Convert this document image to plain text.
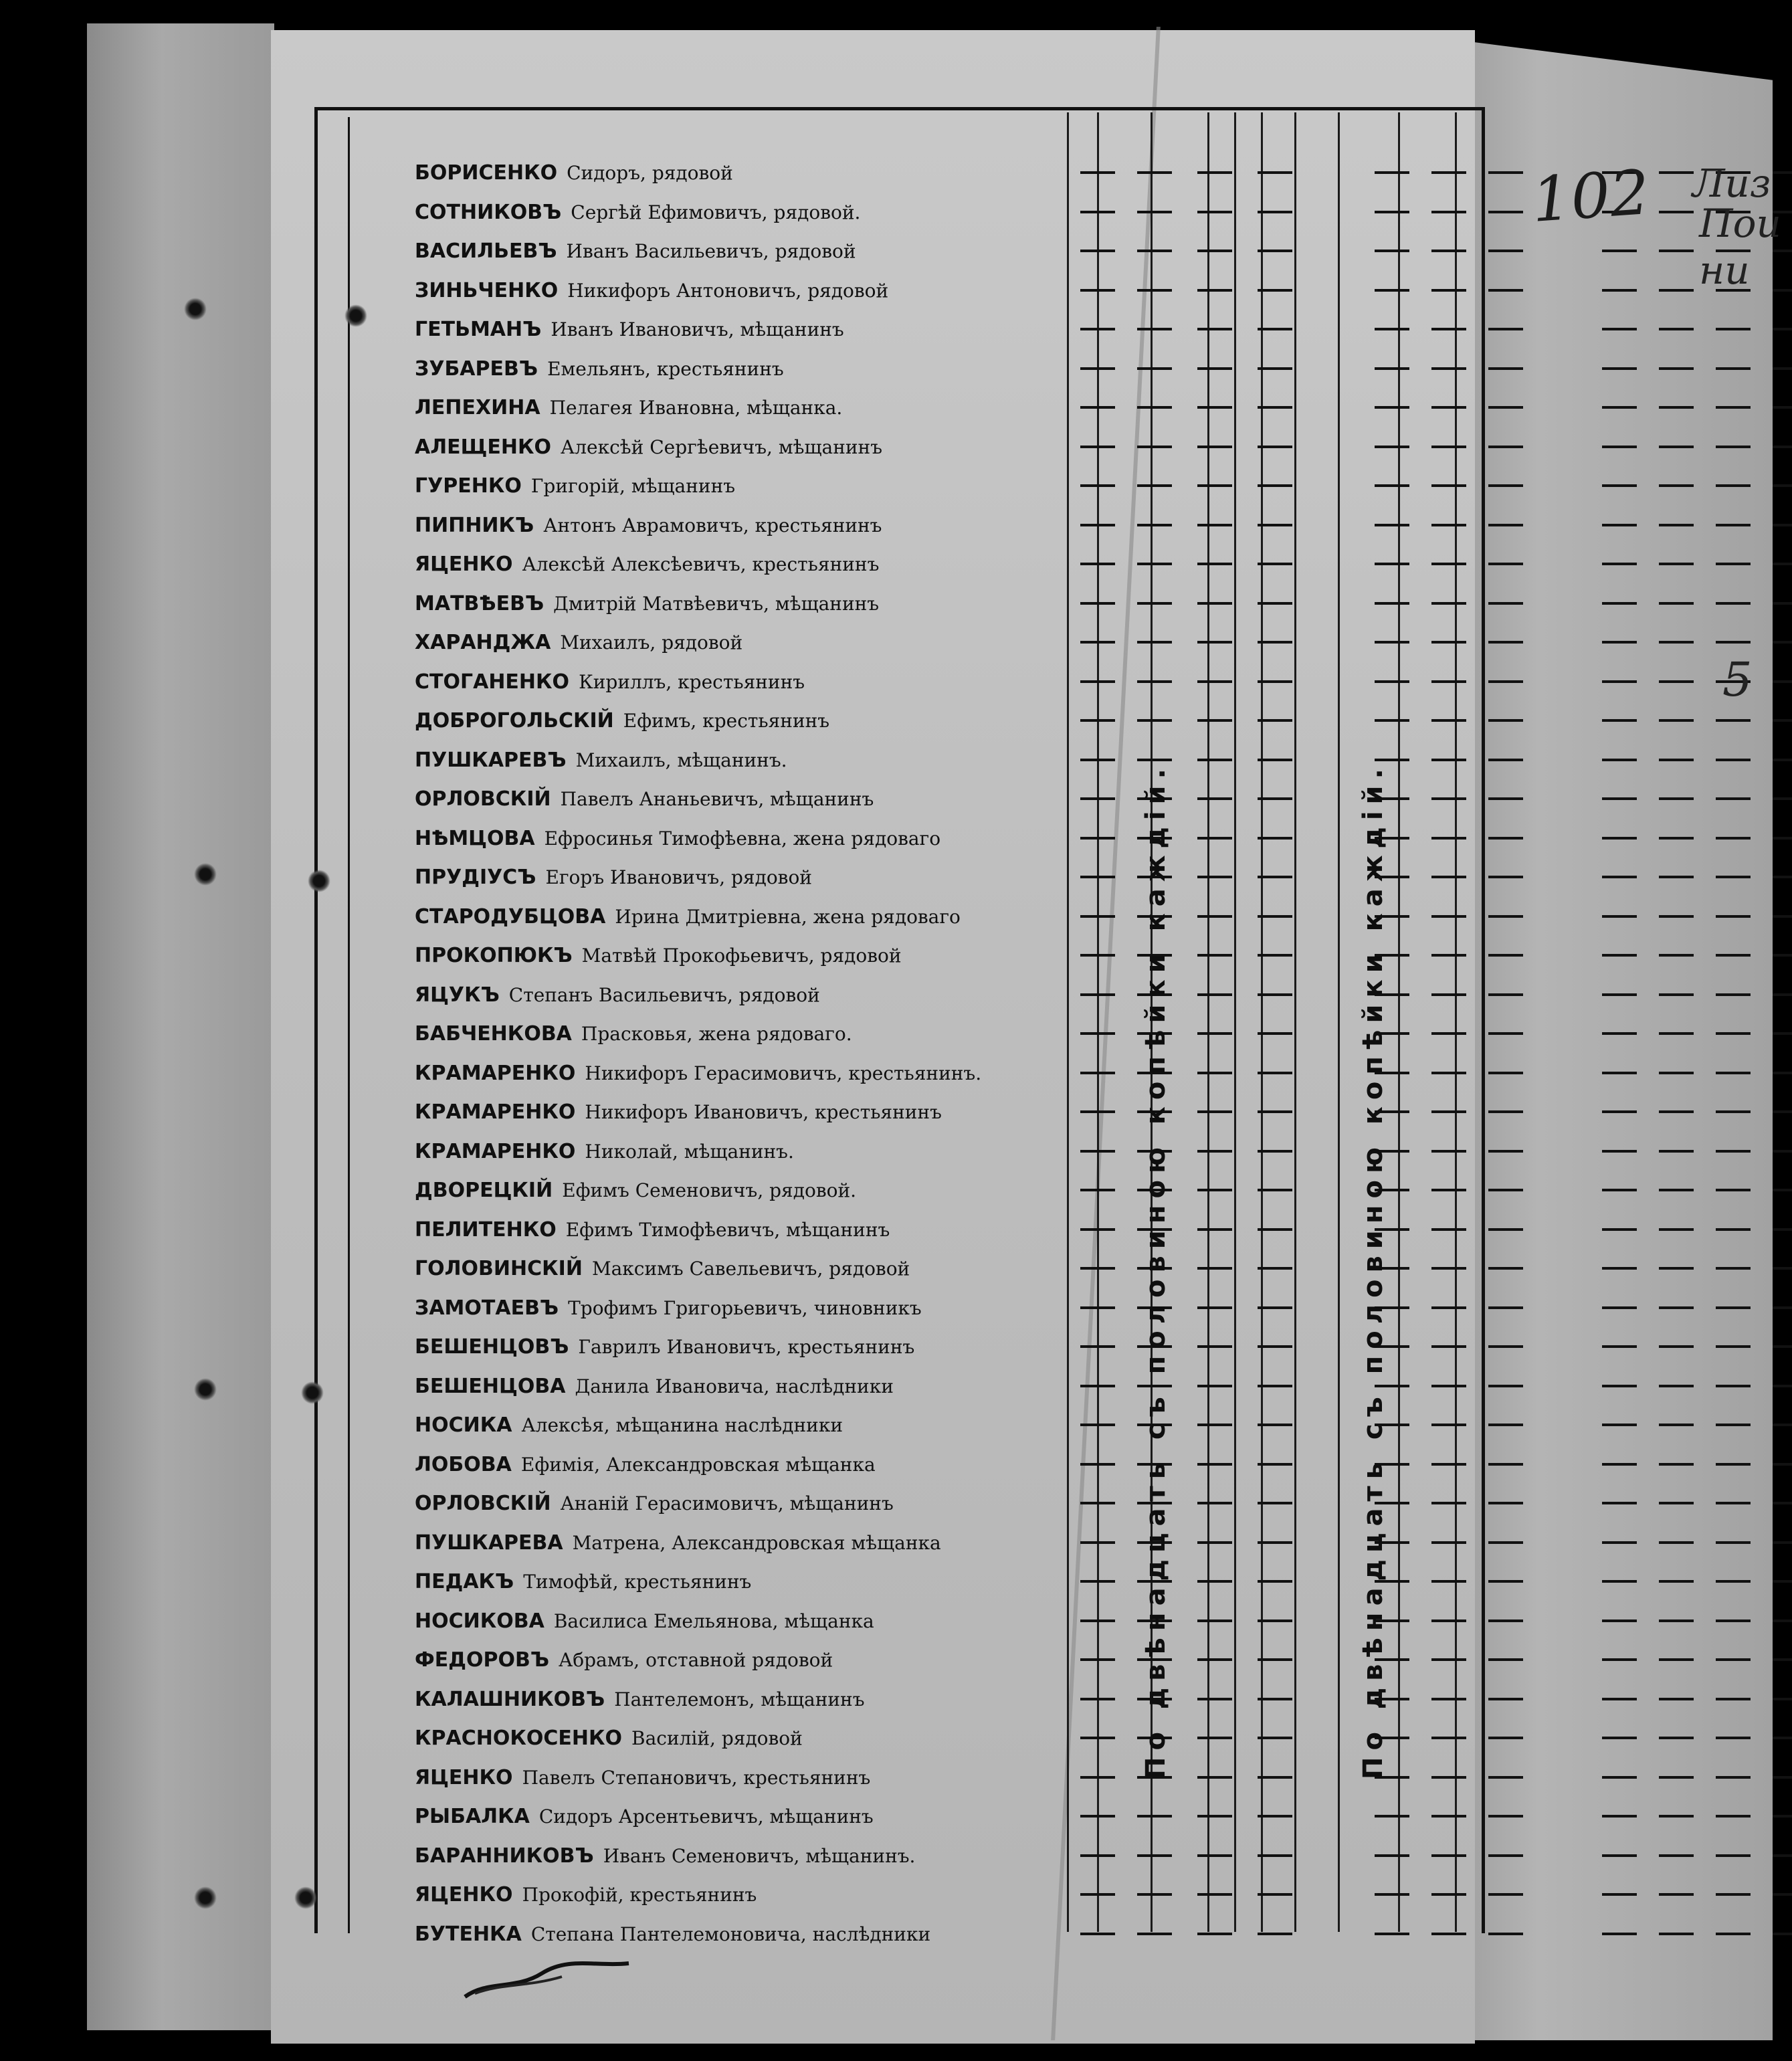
БОРИСЕНКО Сидоръ, рядовой
СОТНИКОВЪ Сергѣй Ефимовичъ, рядовой.
ВАСИЛЬЕВЪ Иванъ Васильевичъ, рядовой
ЗИНЬЧЕНКО Никифоръ Антоновичъ, рядовой
ГЕТЬМАНЪ Иванъ Ивановичъ, мѣщанинъ
ЗУБАРЕВЪ Емельянъ, крестьянинъ
ЛЕПЕХИНА Пелагея Ивановна, мѣщанка.
АЛЕЩЕНКО Алексѣй Сергѣевичъ, мѣщанинъ
ГУРЕНКО Григорій, мѣщанинъ
ПИПНИКЪ Антонъ Аврамовичъ, крестьянинъ
ЯЦЕНКО Алексѣй Алексѣевичъ, крестьянинъ
МАТВѢЕВЪ Дмитрій Матвѣевичъ, мѣщанинъ
ХАРАНДЖА Михаилъ, рядовой
СТОГАНЕНКО Кириллъ, крестьянинъ
ДОБРОГОЛЬСКІЙ Ефимъ, крестьянинъ
ПУШКАРЕВЪ Михаилъ, мѣщанинъ.
ОРЛОВСКІЙ Павелъ Ананьевичъ, мѣщанинъ
НѢМЦОВА Ефросинья Тимофѣевна, жена рядоваго
ПРУДІУСЪ Егоръ Ивановичъ, рядовой
СТАРОДУБЦОВА Ирина Дмитріевна, жена рядоваго
ПРОКОПЮКЪ Матвѣй Прокофьевичъ, рядовой
ЯЦУКЪ Степанъ Васильевичъ, рядовой
БАБЧЕНКОВА Прасковья, жена рядоваго.
КРАМАРЕНКО Никифоръ Герасимовичъ, крестьянинъ.
КРАМАРЕНКО Никифоръ Ивановичъ, крестьянинъ
КРАМАРЕНКО Николай, мѣщанинъ.
ДВОРЕЦКІЙ Ефимъ Семеновичъ, рядовой.
ПЕЛИТЕНКО Ефимъ Тимофѣевичъ, мѣщанинъ
ГОЛОВИНСКІЙ Максимъ Савельевичъ, рядовой
ЗАМОТАЕВЪ Трофимъ Григорьевичъ, чиновникъ
БЕШЕНЦОВЪ Гаврилъ Ивановичъ, крестьянинъ
БЕШЕНЦОВА Данила Ивановича, наслѣдники
НОСИКА Алексѣя, мѣщанина наслѣдники
ЛОБОВА Ефимія, Александровская мѣщанка
ОРЛОВСКІЙ Ананій Герасимовичъ, мѣщанинъ
ПУШКАРЕВА Матрена, Александровская мѣщанка
ПЕДАКЪ Тимофѣй, крестьянинъ
НОСИКОВА Василиса Емельянова, мѣщанка
ФЕДОРОВЪ Абрамъ, отставной рядовой
КАЛАШНИКОВЪ Пантелемонъ, мѣщанинъ
КРАСНОКОСЕНКО Василій, рядовой
ЯЦЕНКО Павелъ Степановичъ, крестьянинъ
РЫБАЛКА Сидоръ Арсентьевичъ, мѣщанинъ
БАРАННИКОВЪ Иванъ Семеновичъ, мѣщанинъ.
ЯЦЕНКО Прокофій, крестьянинъ
БУТЕНКА Степана Пантелемоновича, наслѣдники
По двѣнадцать съ половиною копѣйки каждій.	По двѣнадцать съ половиною копѣйки каждій.
102 Лиз
Пои
ни
5
